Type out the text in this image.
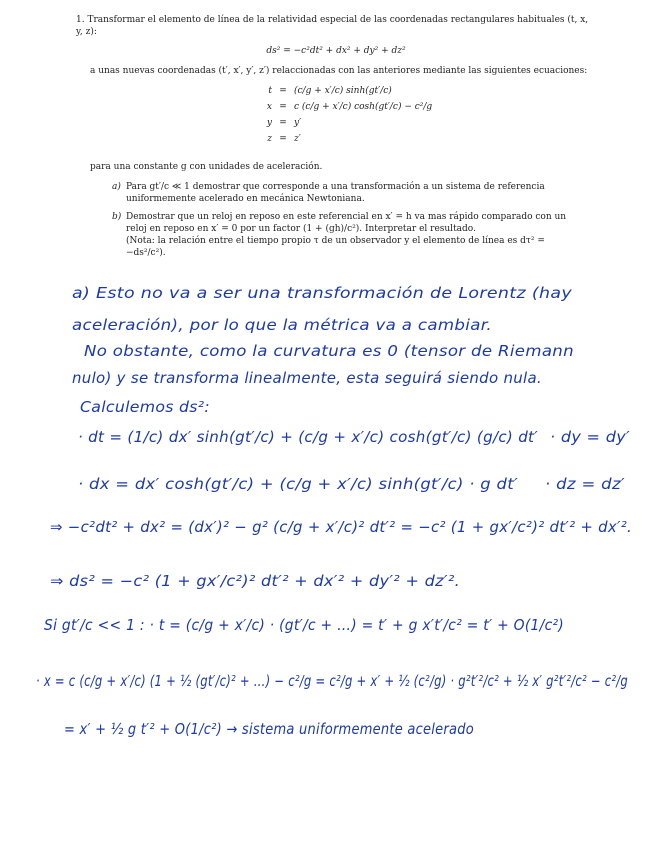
1. Transformar el elemento de línea de la relatividad especial de las coordenadas rectangulares habituales (t, x, y, z):

ds² = −c²dt² + dx² + dy² + dz²

a unas nuevas coordenadas (t′, x′, y′, z′) relaccionadas con las anteriores mediante las siguientes ecuaciones:

t = (c/g + x′/c) sinh(gt′/c)
x = c (c/g + x′/c) cosh(gt′/c) − c²/g
y = y′
z = z′

para una constante g con unidades de aceleración.

a) Para gt′/c ≪ 1 demostrar que corresponde a una transformación a un sistema de referencia uniformemente acelerado en mecánica Newtoniana.
b) Demostrar que un reloj en reposo en este referencial en x′ = h va mas rápido comparado con un reloj en reposo en x′ = 0 por un factor (1 + (gh)/c²). Interpretar el resultado.
(Nota: la relación entre el tiempo propio τ de un observador y el elemento de línea es dτ² = −ds²/c²).
a) Esto no va a ser una transformación de Lorentz (hay
aceleración), por lo que la métrica va a cambiar.
No obstante, como la curvatura es 0 (tensor de Riemann
nulo) y se transforma linealmente, esta seguirá siendo nula.
Calculemos ds²:
· dt = (1/c) dx′ sinh(gt′/c) + (c/g + x′/c) cosh(gt′/c) (g/c) dt′ · dy = dy′
· dx = dx′ cosh(gt′/c) + (c/g + x′/c) sinh(gt′/c) · g dt′ · dz = dz′
⇒ −c²dt² + dx² = (dx′)² − g² (c/g + x′/c)² dt′² = −c² (1 + gx′/c²)² dt′² + dx′².
⇒ ds² = −c² (1 + gx′/c²)² dt′² + dx′² + dy′² + dz′².
Si gt′/c << 1 : · t = (c/g + x′/c) · (gt′/c + …) = t′ + g x′t′/c² = t′ + O(1/c²)
· x = c (c/g + x′/c) (1 + ½ (gt′/c)² + …) − c²/g = c²/g + x′ + ½ (c²/g) · g²t′²/c² + ½ x′ g²t′²/c² − c²/g
= x′ + ½ g t′² + O(1/c²) → sistema uniformemente acelerado
